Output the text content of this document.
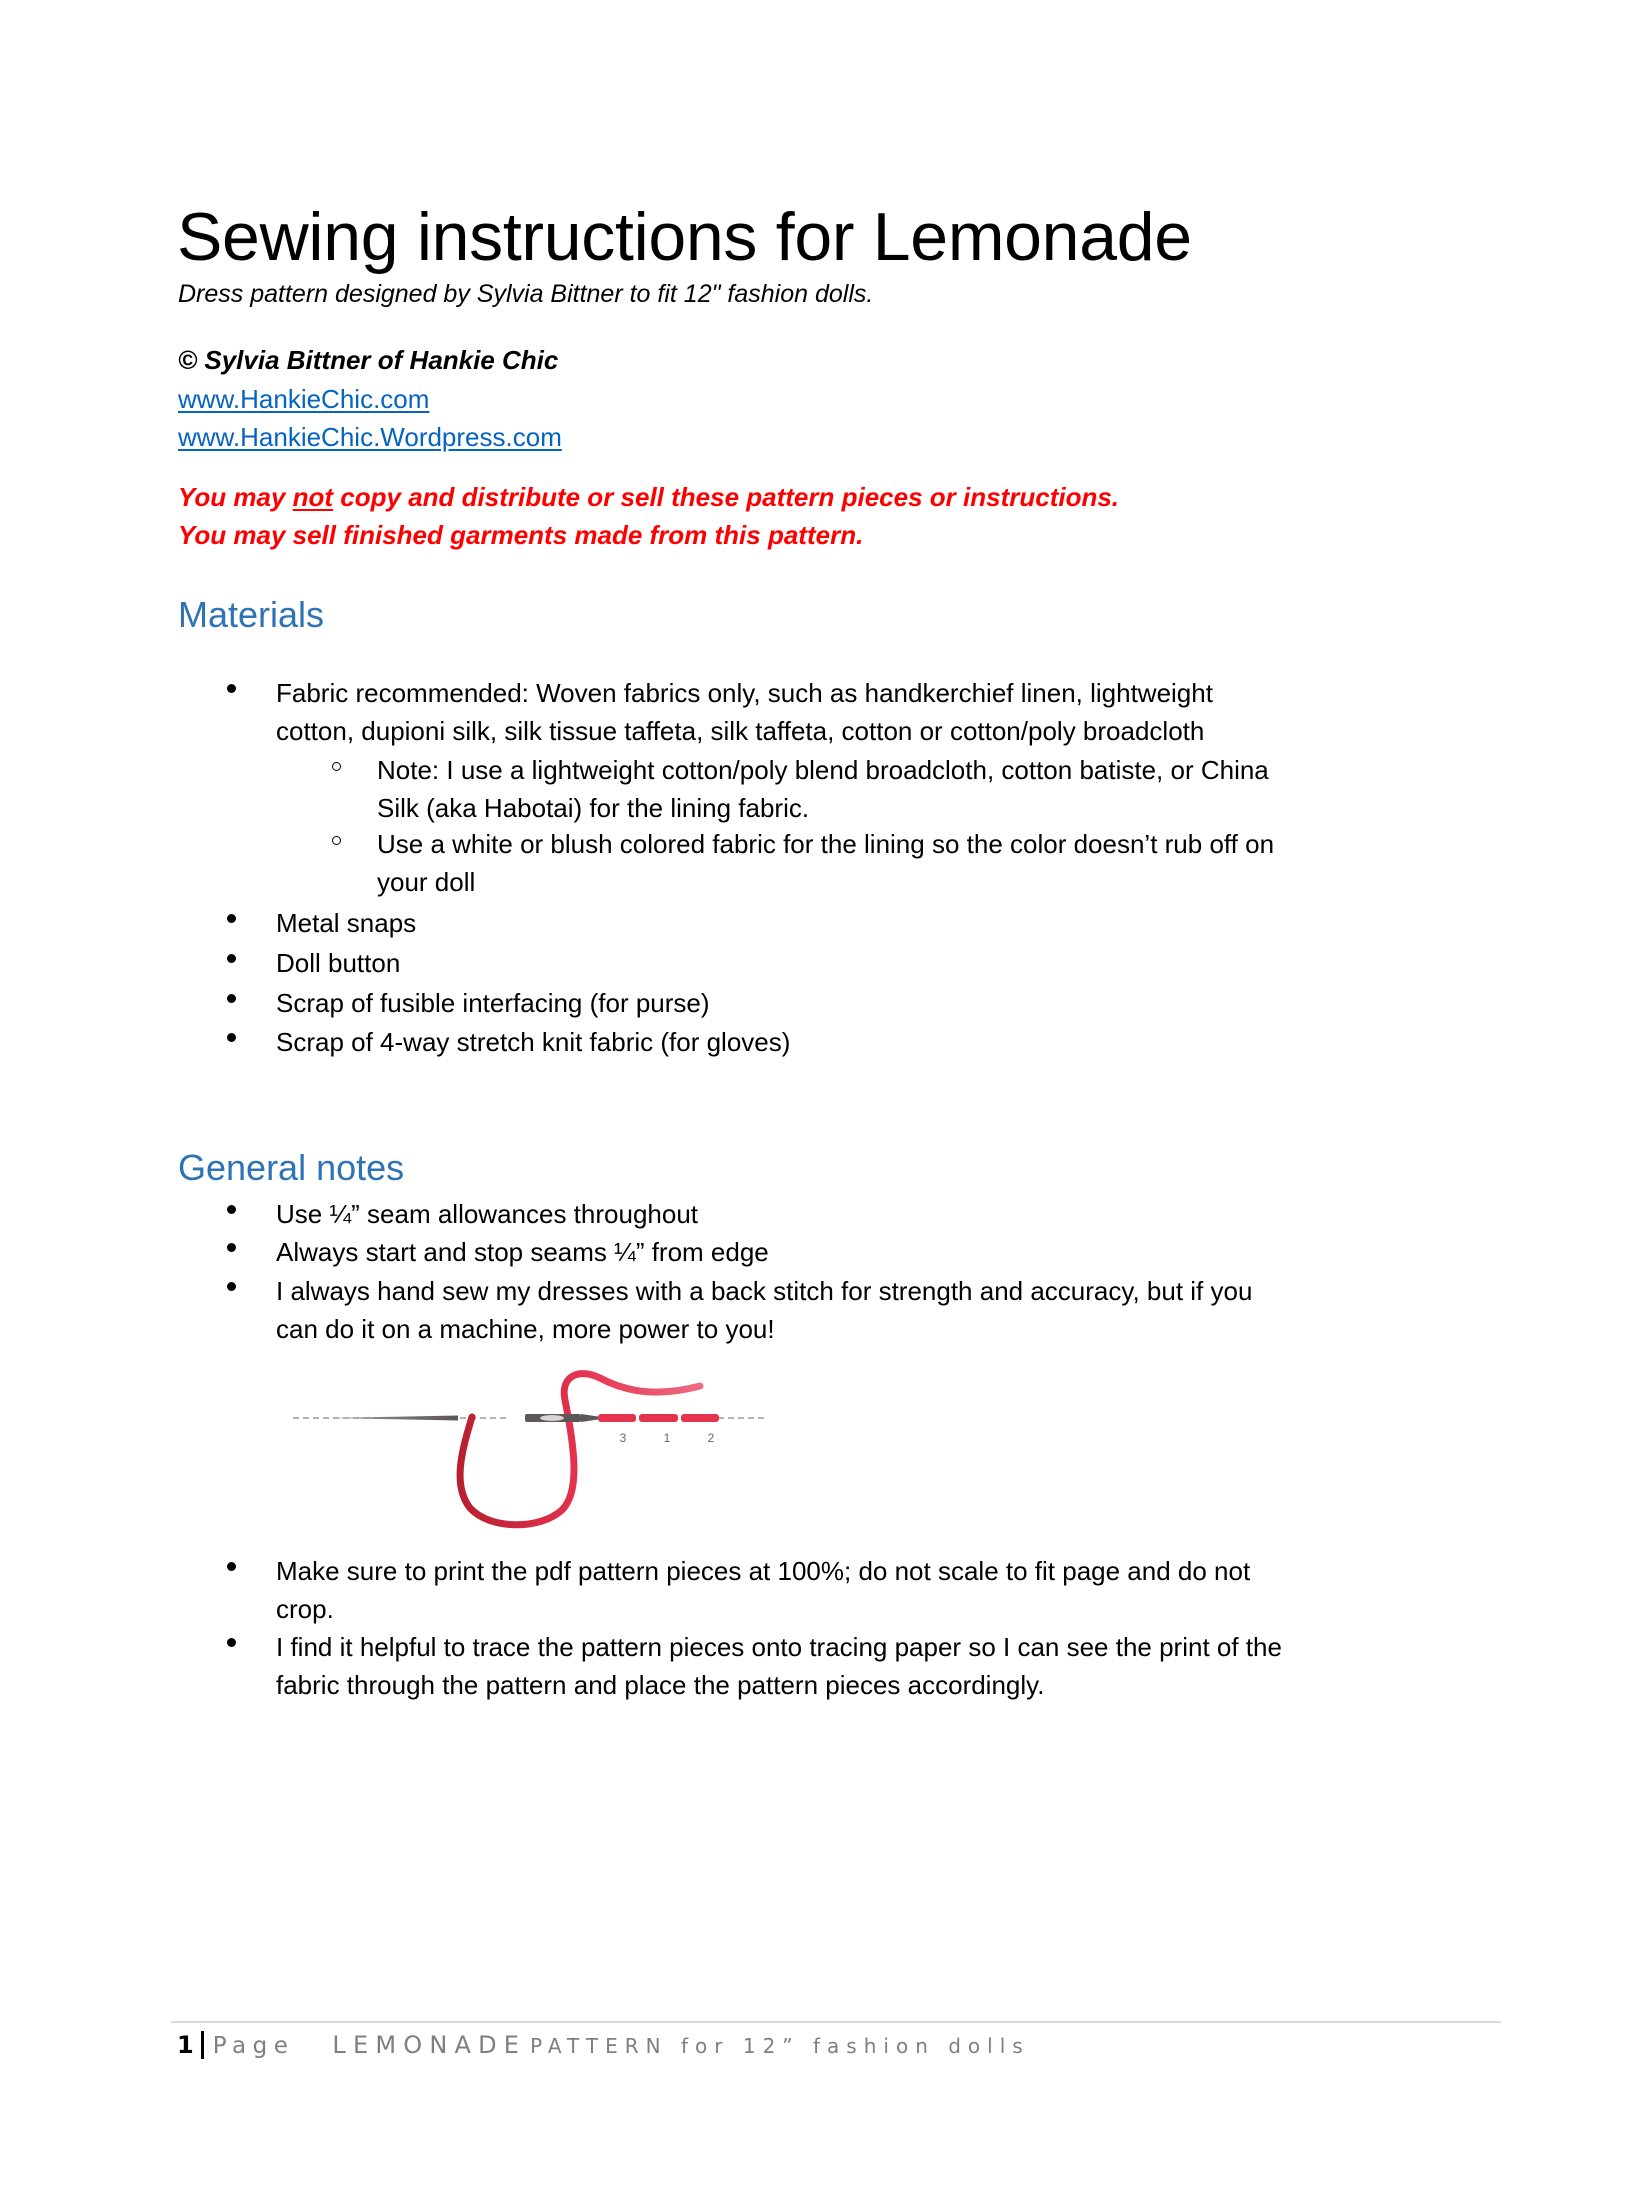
Sewing instructions for Lemonade
Dress pattern designed by Sylvia Bittner to fit 12" fashion dolls.
© Sylvia Bittner of Hankie Chic
www.HankieChic.com
www.HankieChic.Wordpress.com
You may not copy and distribute or sell these pattern pieces or instructions.
You may sell finished garments made from this pattern.
Materials
Fabric recommended: Woven fabrics only, such as handkerchief linen, lightweight
cotton, dupioni silk, silk tissue taffeta, silk taffeta, cotton or cotton/poly broadcloth
Note: I use a lightweight cotton/poly blend broadcloth, cotton batiste, or China
Silk (aka Habotai) for the lining fabric.
Use a white or blush colored fabric for the lining so the color doesn’t rub off on
your doll
Metal snaps
Doll button
Scrap of fusible interfacing (for purse)
Scrap of 4-way stretch knit fabric (for gloves)
General notes
Use ¼” seam allowances throughout
Always start and stop seams ¼” from edge
I always hand sew my dresses with a back stitch for strength and accuracy, but if you
can do it on a machine, more power to you!
3	1	2
Make sure to print the pdf pattern pieces at 100%; do not scale to fit page and do not
crop.
I find it helpful to trace the pattern pieces onto tracing paper so I can see the print of the
fabric through the pattern and place the pattern pieces accordingly.
1 Page LEMONADE PATTERN for 12” fashion dolls
